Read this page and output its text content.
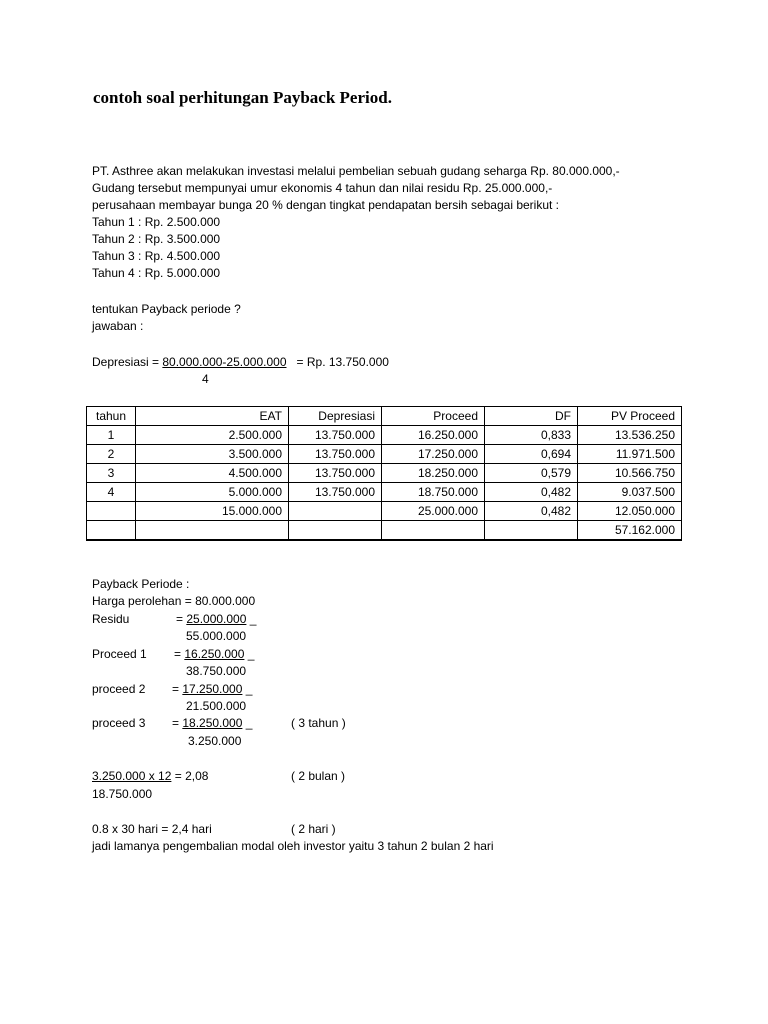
contoh soal perhitungan Payback Period.
PT. Asthree akan melakukan investasi melalui pembelian sebuah gudang seharga Rp. 80.000.000,-
Gudang tersebut mempunyai umur ekonomis 4 tahun dan nilai residu Rp. 25.000.000,-
perusahaan membayar bunga 20 % dengan tingkat pendapatan bersih sebagai berikut :
Tahun 1 : Rp. 2.500.000
Tahun 2 : Rp. 3.500.000
Tahun 3 : Rp. 4.500.000
Tahun 4 : Rp. 5.000.000
tentukan Payback periode ?
jawaban :
Depresiasi = 80.000.000-25.000.000 = Rp. 13.750.000
4
tahun	EAT	Depresiasi	Proceed	DF	PV Proceed
1	2.500.000	13.750.000	16.250.000	0,833	13.536.250
2	3.500.000	13.750.000	17.250.000	0,694	11.971.500
3	4.500.000	13.750.000	18.250.000	0,579	10.566.750
4	5.000.000	13.750.000	18.750.000	0,482	9.037.500
	15.000.000		25.000.000	0,482	12.050.000
					57.162.000
Payback Periode :
Harga perolehan = 80.000.000
Residu	= 25.000.000 _
55.000.000
Proceed 1 = 16.250.000 _
38.750.000
proceed 2 = 17.250.000 _
21.500.000
proceed 3 = 18.250.000 _	( 3 tahun )
3.250.000
3.250.000 x 12 = 2,08	( 2 bulan )
18.750.000
0.8 x 30 hari = 2,4 hari	( 2 hari )
jadi lamanya pengembalian modal oleh investor yaitu 3 tahun 2 bulan 2 hari
